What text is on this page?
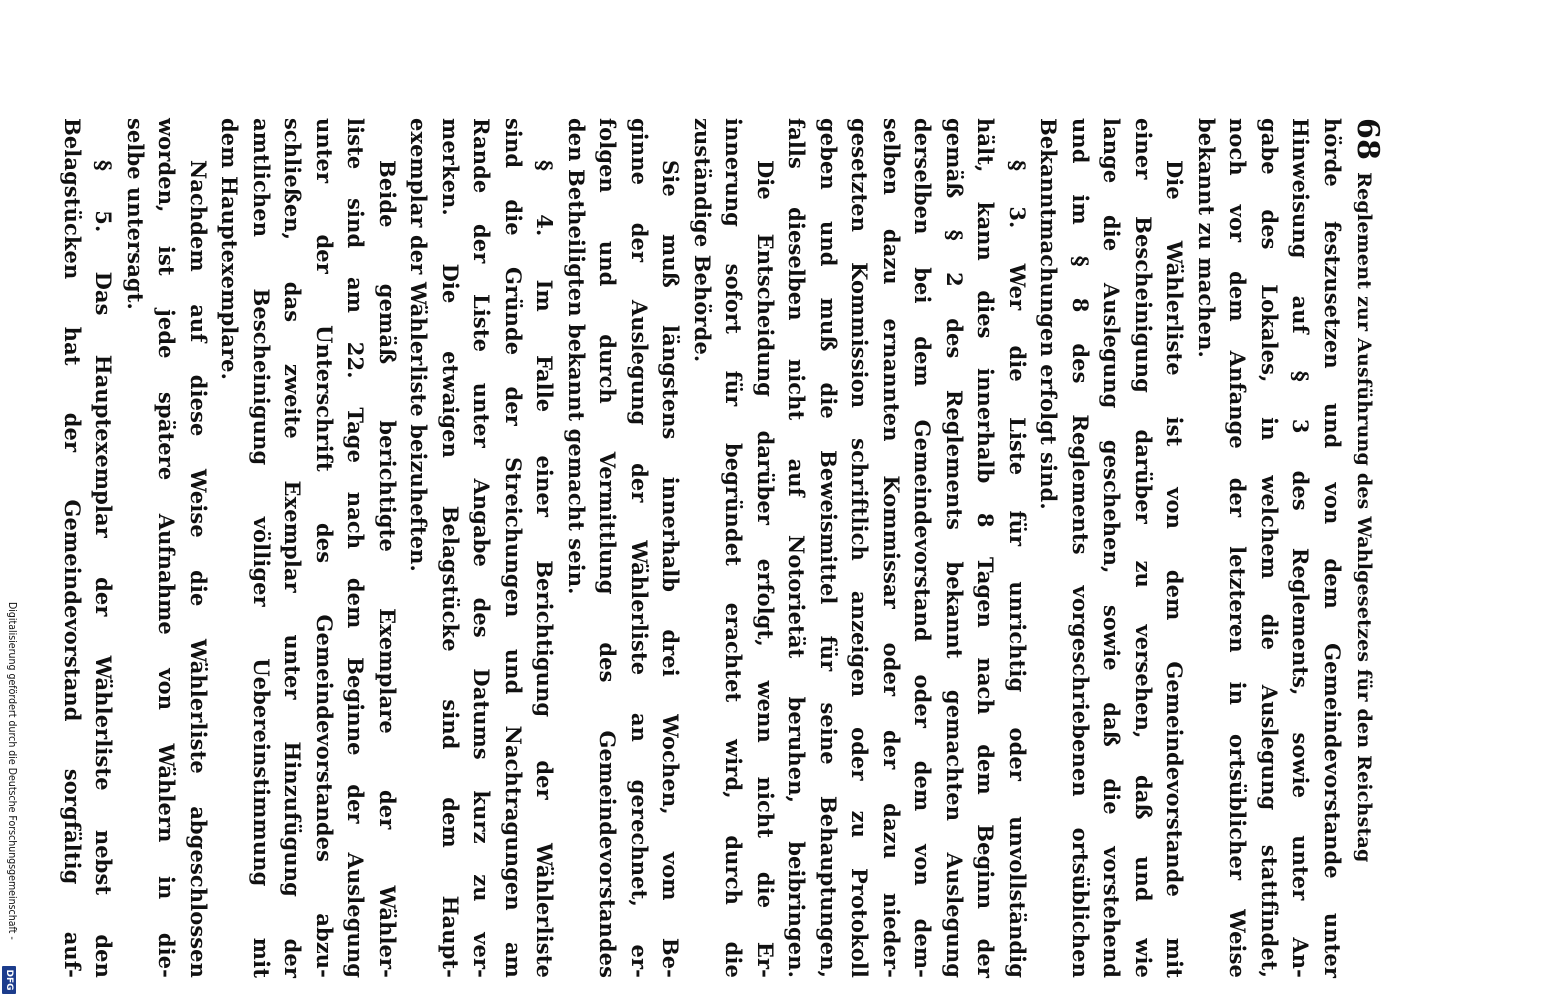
68
Reglement zur Ausführung des Wahlgesetzes für den Reichstag
hörde festzusetzen und von dem Gemeindevorstande unter
Hinweisung auf § 3 des Reglements, sowie unter An-
gabe des Lokales, in welchem die Auslegung stattfindet,
noch vor dem Anfange der letzteren in ortsüblicher Weise
bekannt zu machen.
Die Wählerliste ist von dem Gemeindevorstande mit
einer Bescheinigung darüber zu versehen, daß und wie
lange die Auslegung geschehen, sowie daß die vorstehend
und im § 8 des Reglements vorgeschriebenen ortsüblichen
Bekanntmachungen erfolgt sind.
§ 3. Wer die Liste für unrichtig oder unvollständig
hält, kann dies innerhalb 8 Tagen nach dem Beginn der
gemäß § 2 des Reglements bekannt gemachten Auslegung
derselben bei dem Gemeindevorstand oder dem von dem-
selben dazu ernannten Kommissar oder der dazu nieder-
gesetzten Kommission schriftlich anzeigen oder zu Protokoll
geben und muß die Beweismittel für seine Behauptungen,
falls dieselben nicht auf Notorietät beruhen, beibringen.
Die Entscheidung darüber erfolgt, wenn nicht die Er-
innerung sofort für begründet erachtet wird, durch die
zuständige Behörde.
Sie muß längstens innerhalb drei Wochen, vom Be-
ginne der Auslegung der Wählerliste an gerechnet, er-
folgen und durch Vermittlung des Gemeindevorstandes
den Betheiligten bekannt gemacht sein.
§ 4. Im Falle einer Berichtigung der Wählerliste
sind die Gründe der Streichungen und Nachtragungen am
Rande der Liste unter Angabe des Datums kurz zu ver-
merken. Die etwaigen Belagstücke sind dem Haupt-
exemplar der Wählerliste beizuheften.
Beide gemäß berichtigte Exemplare der Wähler-
liste sind am 22. Tage nach dem Beginne der Auslegung
unter der Unterschrift des Gemeindevorstandes abzu-
schließen, das zweite Exemplar unter Hinzufügung der
amtlichen Bescheinigung völliger Uebereinstimmung mit
dem Hauptexemplare.
Nachdem auf diese Weise die Wählerliste abgeschlossen
worden, ist jede spätere Aufnahme von Wählern in die-
selbe untersagt.
§ 5. Das Hauptexemplar der Wählerliste nebst den
Belagstücken hat der Gemeindevorstand sorgfältig auf-
Digitalisierung gefördert durch die Deutsche Forschungsgemeinschaft -
DFG
